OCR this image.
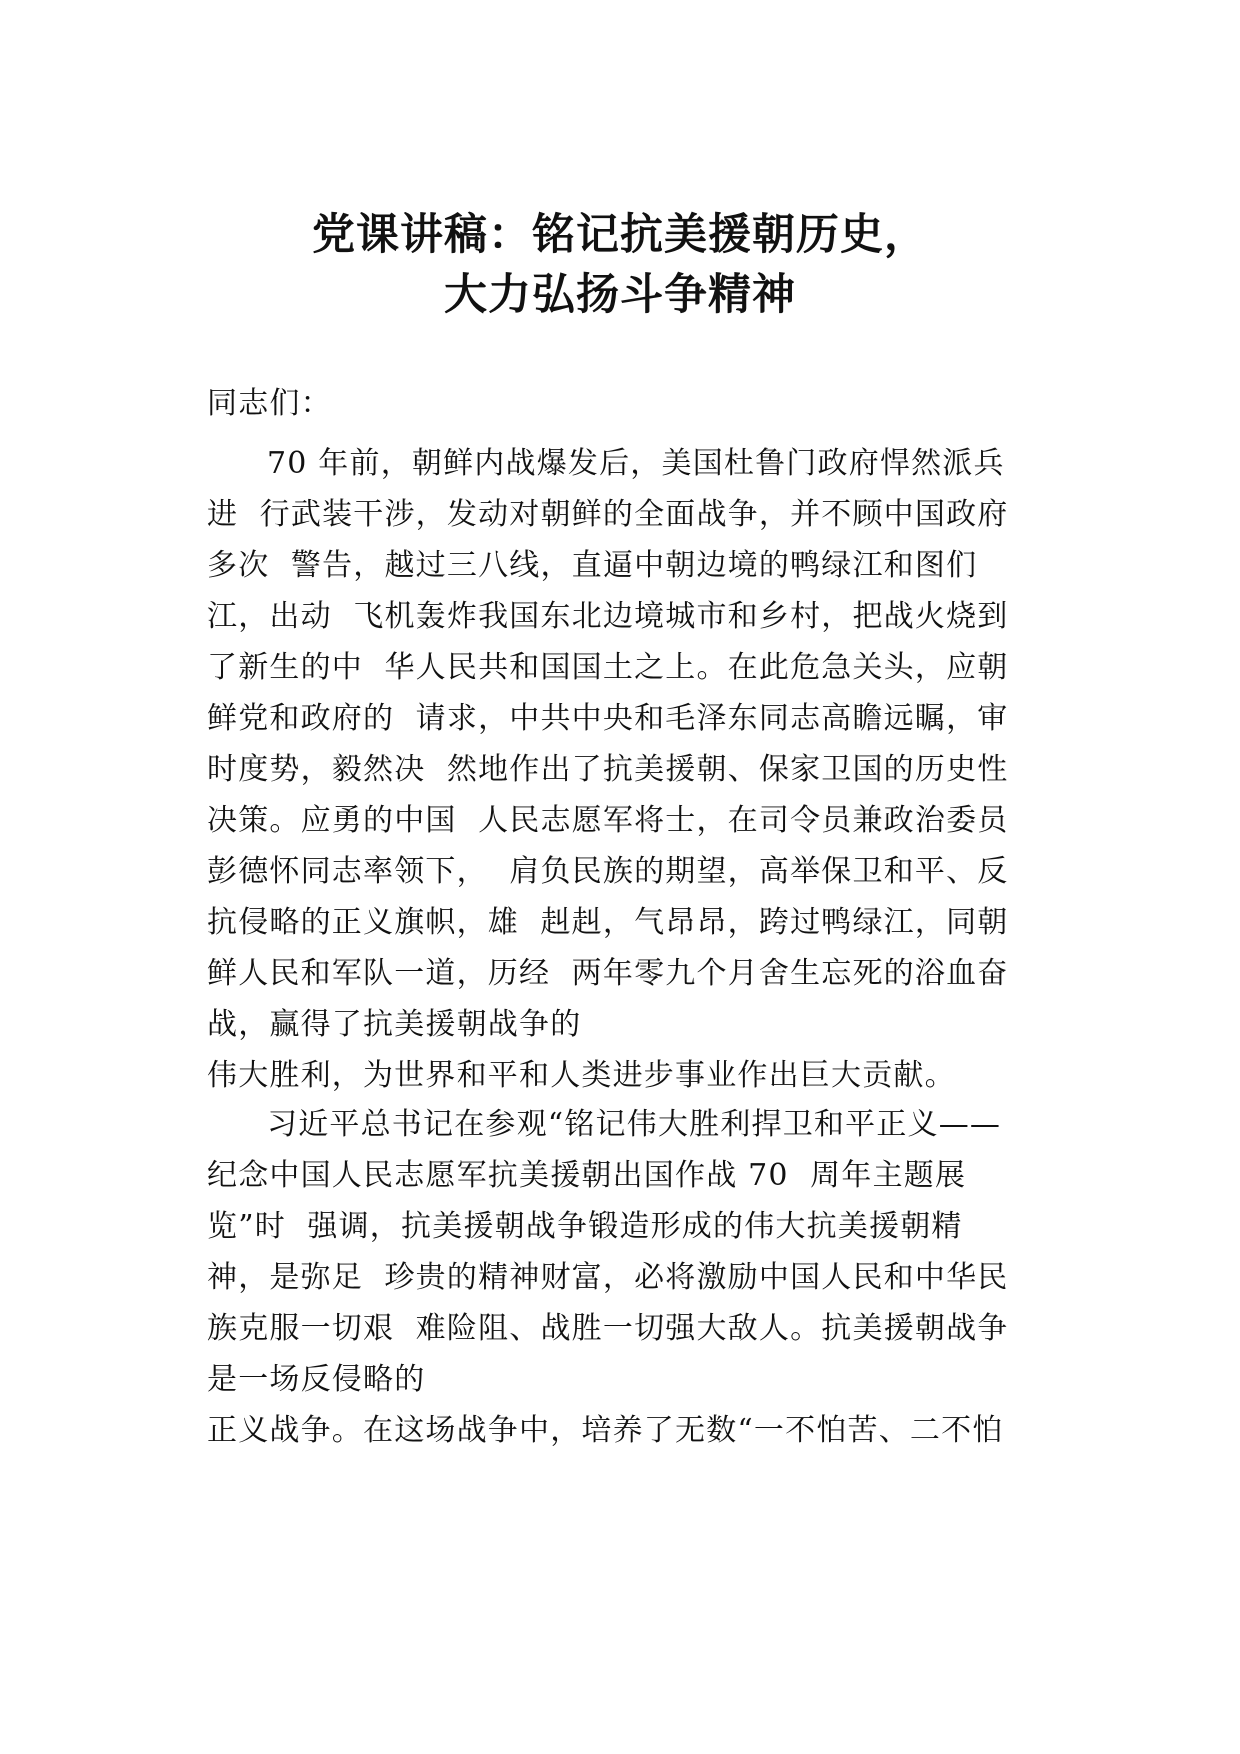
党课讲稿：铭记抗美援朝历史，
大力弘扬斗争精神
同志们：
70 年前，朝鲜内战爆发后，美国杜鲁门政府悍然派兵
进  行武装干涉，发动对朝鲜的全面战争，并不顾中国政府
多次  警告，越过三八线，直逼中朝边境的鸭绿江和图们
江，出动  飞机轰炸我国东北边境城市和乡村，把战火烧到
了新生的中  华人民共和国国土之上。在此危急关头，应朝
鲜党和政府的  请求，中共中央和毛泽东同志高瞻远瞩，审
时度势，毅然决  然地作出了抗美援朝、保家卫国的历史性
决策。应勇的中国  人民志愿军将士，在司令员兼政治委员
彭德怀同志率领下，  肩负民族的期望，高举保卫和平、反
抗侵略的正义旗帜，雄  赳赳，气昂昂，跨过鸭绿江，同朝
鲜人民和军队一道，历经  两年零九个月舍生忘死的浴血奋
战，赢得了抗美援朝战争的
伟大胜利，为世界和平和人类进步事业作出巨大贡献。
习近平总书记在参观“铭记伟大胜利捍卫和平正义——
纪念中国人民志愿军抗美援朝出国作战 70  周年主题展
览”时  强调，抗美援朝战争锻造形成的伟大抗美援朝精
神，是弥足  珍贵的精神财富，必将激励中国人民和中华民
族克服一切艰  难险阻、战胜一切强大敌人。抗美援朝战争
是一场反侵略的
正义战争。在这场战争中，培养了无数“一不怕苦、二不怕
